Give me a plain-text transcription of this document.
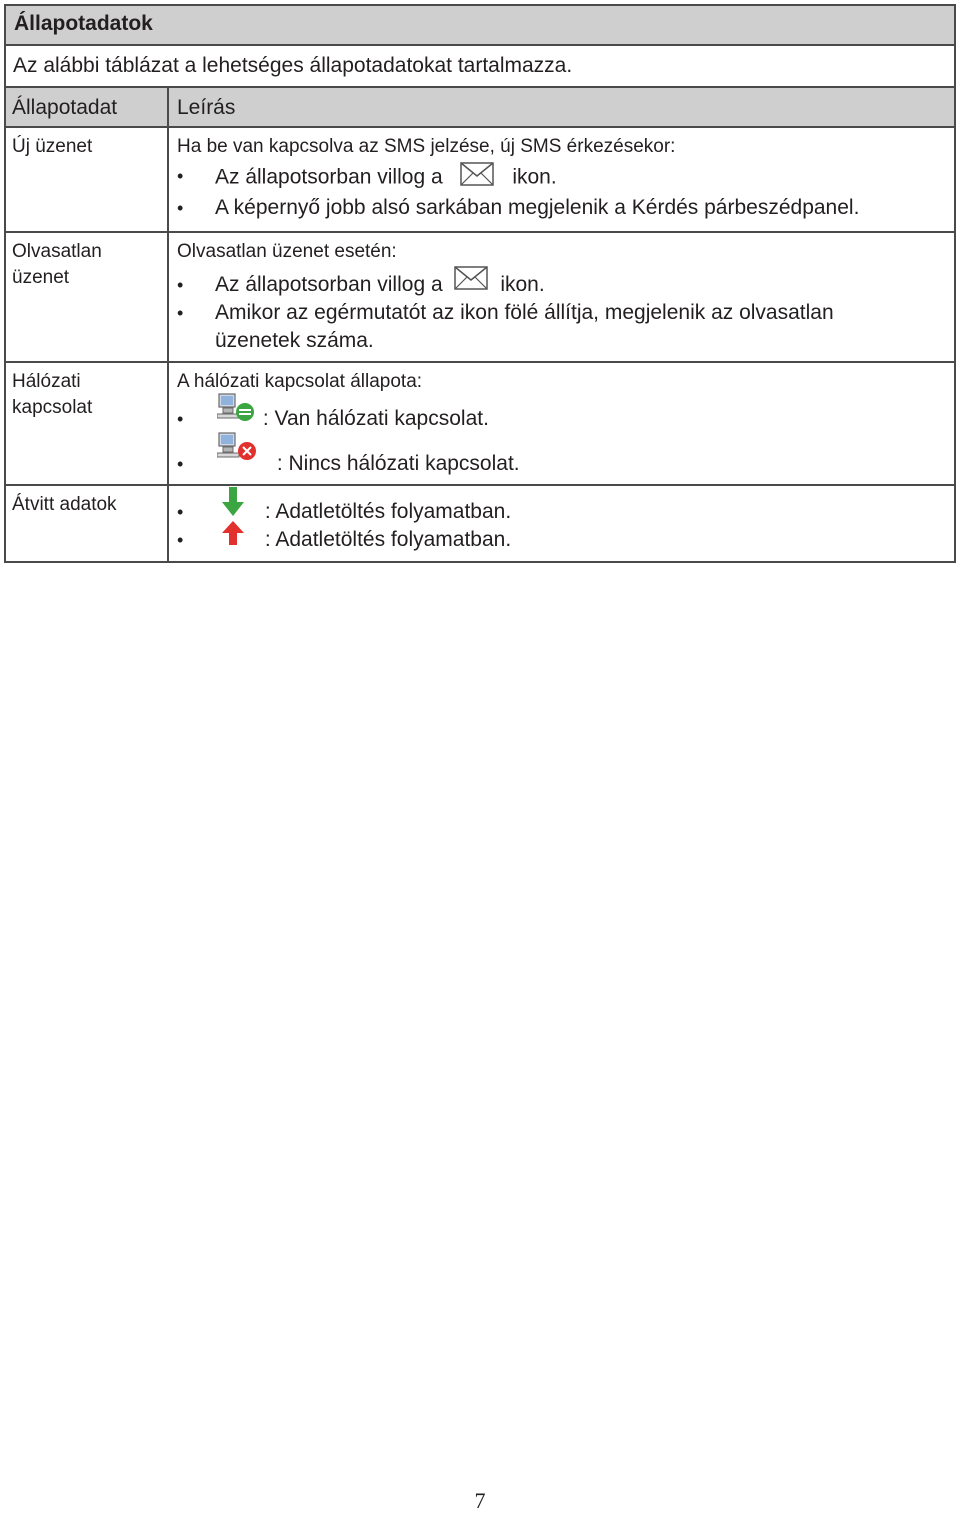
Állapotadatok
Az alábbi táblázat a lehetséges állapotadatokat tartalmazza.
Állapotadat	Leírás
Új üzenet	Ha be van kapcsolva az SMS jelzése, új SMS érkezésekor:
• Az állapotsorban villog a	ikon.
• A képernyő jobb alsó sarkában megjelenik a Kérdés párbeszédpanel.
Olvasatlan
üzenet
Olvasatlan üzenet esetén:
• Az állapotsorban villog a	ikon.
• Amikor az egérmutatót az ikon fölé állítja, megjelenik az olvasatlan
üzenetek száma.
Hálózati
kapcsolat
A hálózati kapcsolat állapota:
• : Van hálózati kapcsolat.
• : Nincs hálózati kapcsolat.
Átvitt adatok
•	: Adatletöltés folyamatban.
• : Adatletöltés folyamatban.
7
